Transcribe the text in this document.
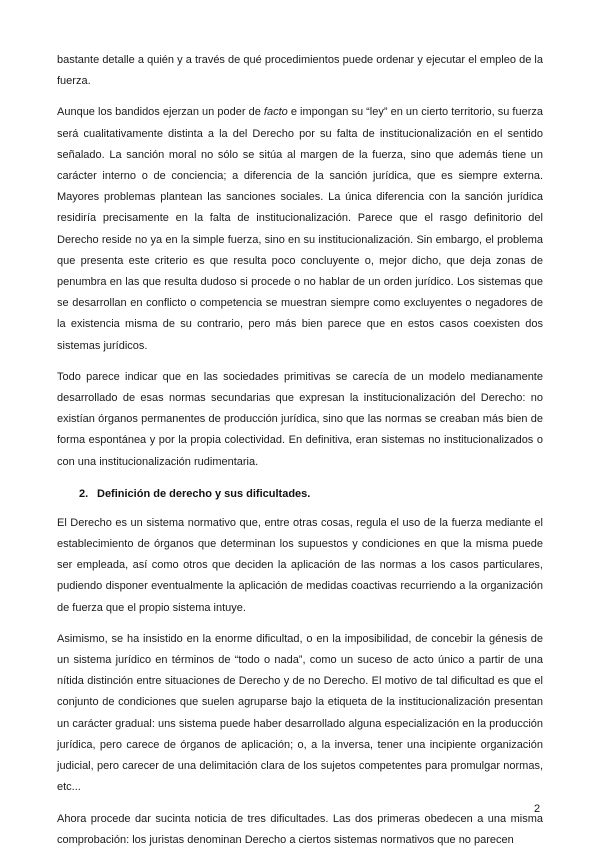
bastante detalle a quién y a través de qué procedimientos puede ordenar y ejecutar el empleo de la fuerza.

Aunque los bandidos ejerzan un poder de facto e impongan su “ley” en un cierto territorio, su fuerza será cualitativamente distinta a la del Derecho por su falta de institucionalización en el sentido señalado. La sanción moral no sólo se sitúa al margen de la fuerza, sino que además tiene un carácter interno o de conciencia; a diferencia de la sanción jurídica, que es siempre externa. Mayores problemas plantean las sanciones sociales. La única diferencia con la sanción jurídica residiría precisamente en la falta de institucionalización. Parece que el rasgo definitorio del Derecho reside no ya en la simple fuerza, sino en su institucionalización. Sin embargo, el problema que presenta este criterio es que resulta poco concluyente o, mejor dicho, que deja zonas de penumbra en las que resulta dudoso si procede o no hablar de un orden jurídico. Los sistemas que se desarrollan en conflicto o competencia se muestran siempre como excluyentes o negadores de la existencia misma de su contrario, pero más bien parece que en estos casos coexisten dos sistemas jurídicos.

Todo parece indicar que en las sociedades primitivas se carecía de un modelo medianamente desarrollado de esas normas secundarias que expresan la institucionalización del Derecho: no existían órganos permanentes de producción jurídica, sino que las normas se creaban más bien de forma espontánea y por la propia colectividad. En definitiva, eran sistemas no institucionalizados o con una institucionalización rudimentaria.

2. Definición de derecho y sus dificultades.

El Derecho es un sistema normativo que, entre otras cosas, regula el uso de la fuerza mediante el establecimiento de órganos que determinan los supuestos y condiciones en que la misma puede ser empleada, así como otros que deciden la aplicación de las normas a los casos particulares, pudiendo disponer eventualmente la aplicación de medidas coactivas recurriendo a la organización de fuerza que el propio sistema intuye.

Asimismo, se ha insistido en la enorme dificultad, o en la imposibilidad, de concebir la génesis de un sistema jurídico en términos de “todo o nada”, como un suceso de acto único a partir de una nítida distinción entre situaciones de Derecho y de no Derecho. El motivo de tal dificultad es que el conjunto de condiciones que suelen agruparse bajo la etiqueta de la institucionalización presentan un carácter gradual: uns sistema puede haber desarrollado alguna especialización en la producción jurídica, pero carece de órganos de aplicación; o, a la inversa, tener una incipiente organización judicial, pero carecer de una delimitación clara de los sujetos competentes para promulgar normas, etc...

Ahora procede dar sucinta noticia de tres dificultades. Las dos primeras obedecen a una misma comprobación: los juristas denominan Derecho a ciertos sistemas normativos que no parecen

2
